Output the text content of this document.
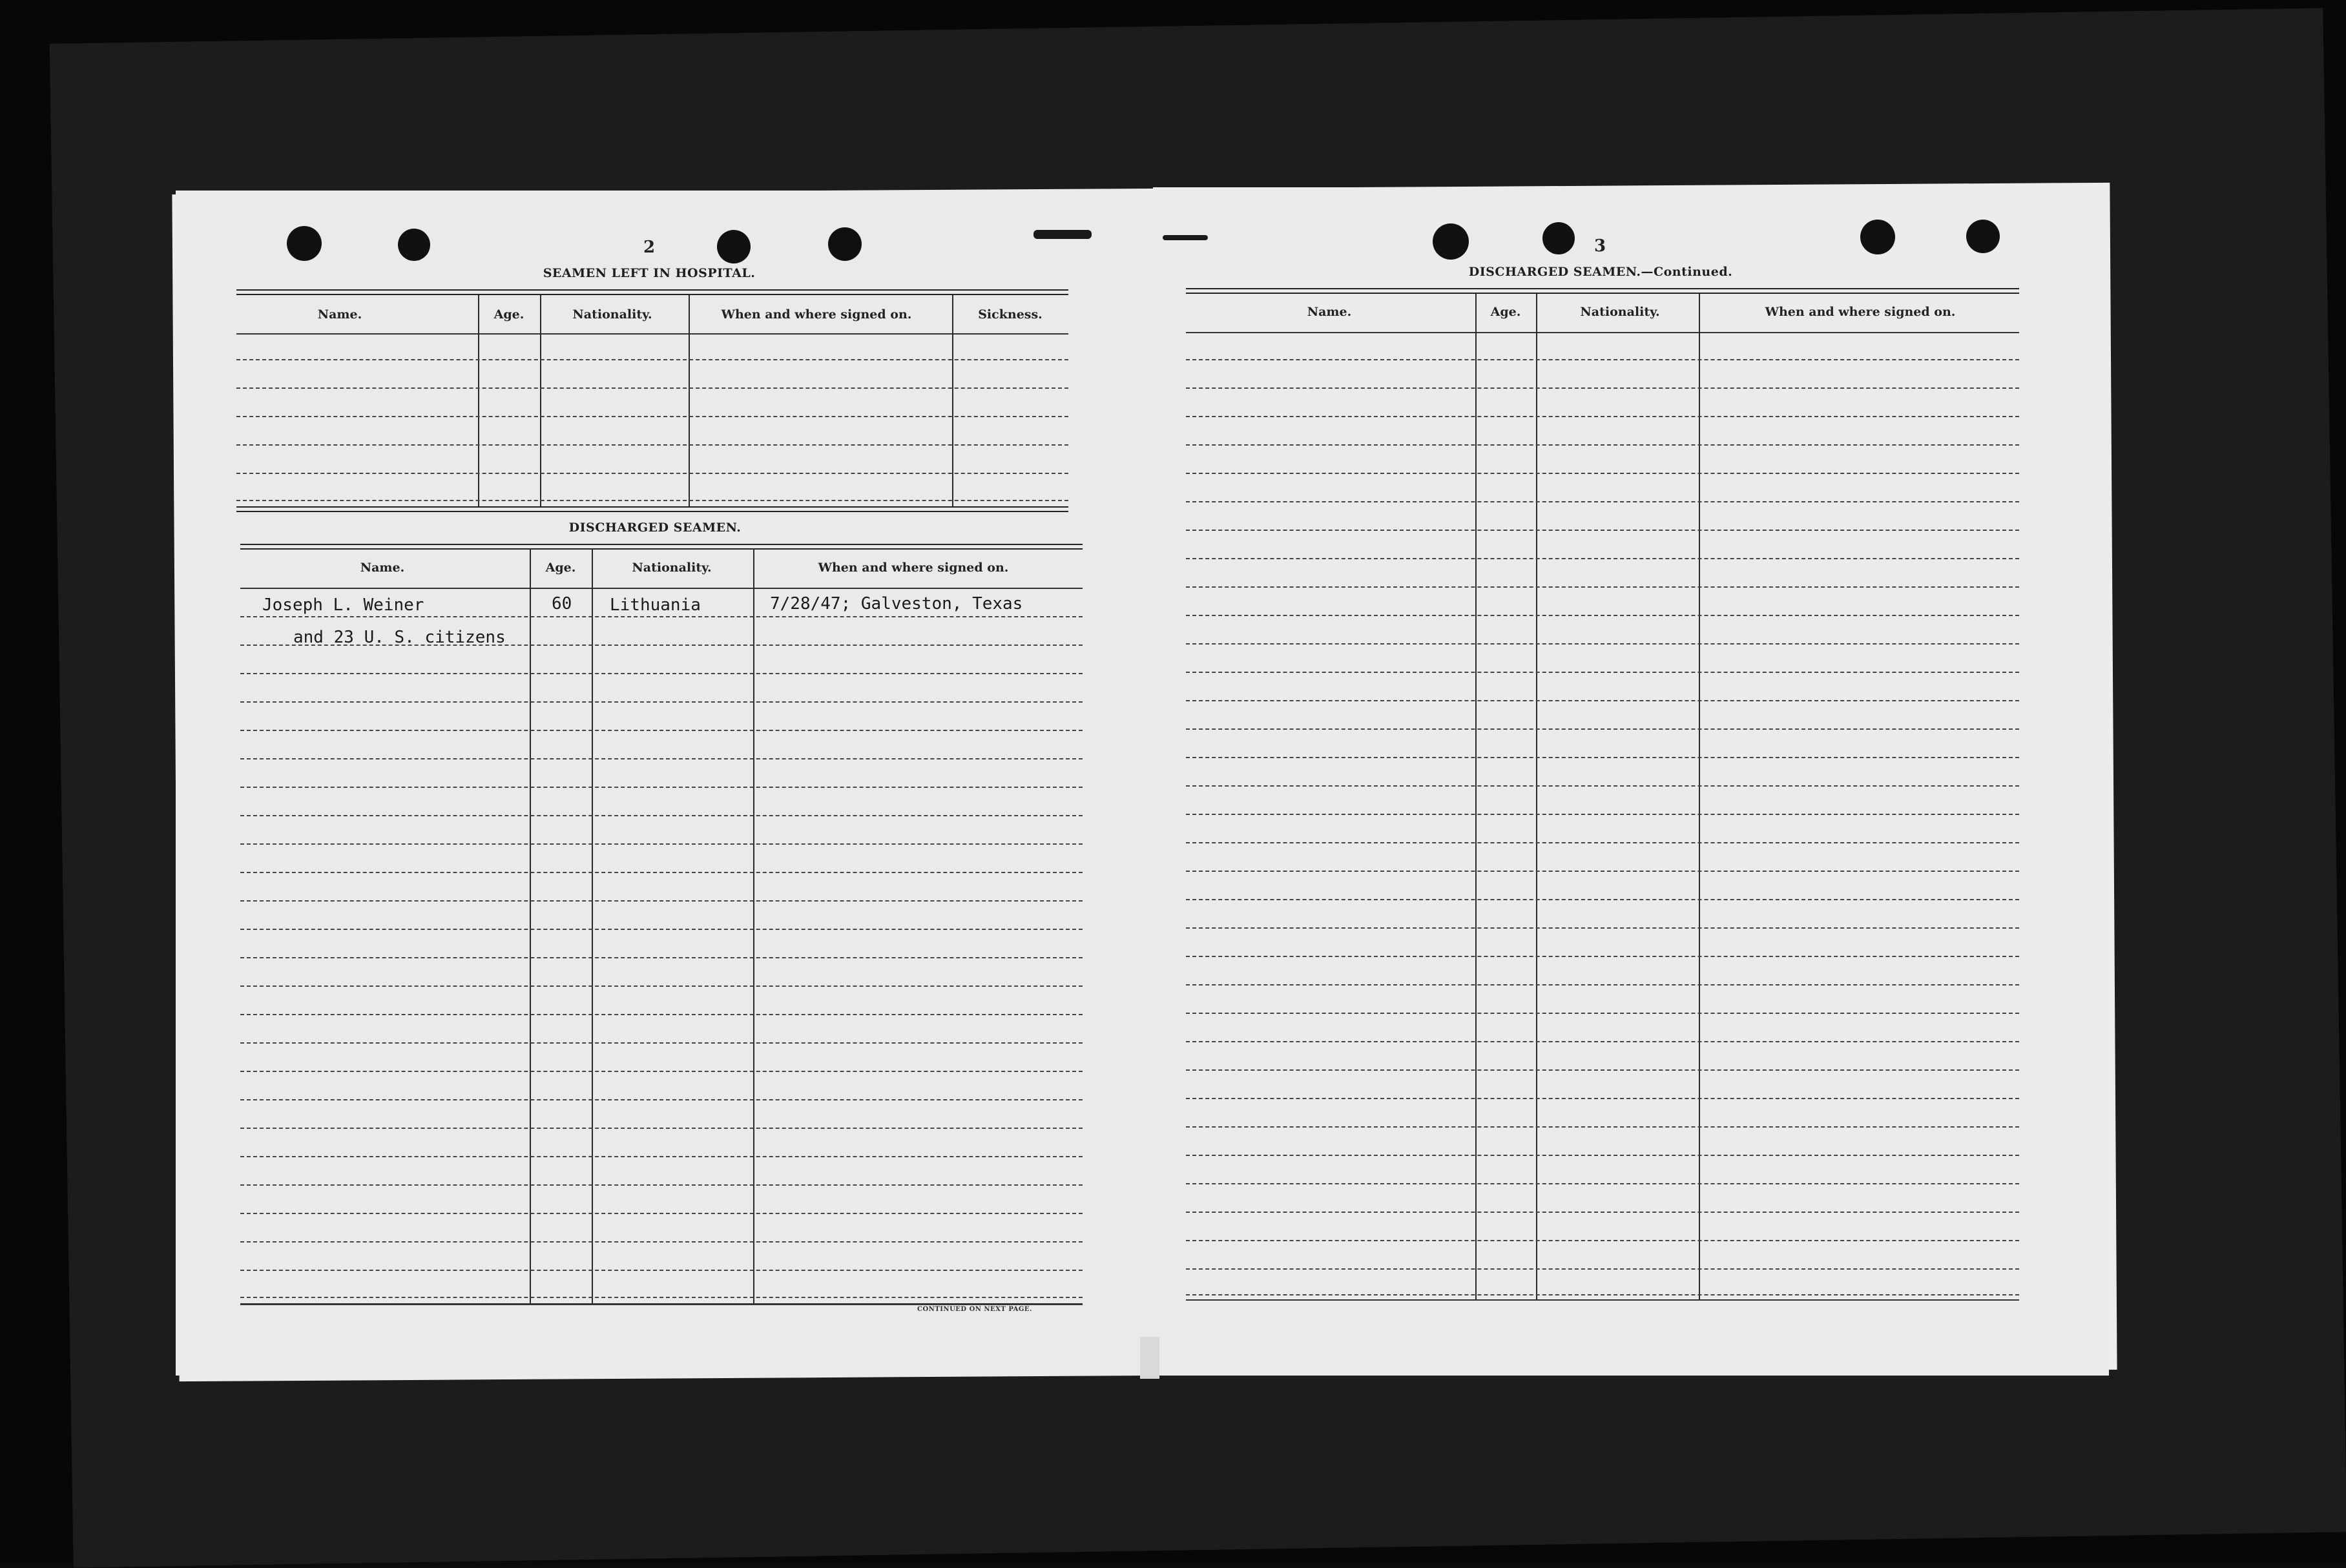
2
SEAMEN LEFT IN HOSPITAL.
Name.	Age.	Nationality.	When and where signed on.	Sickness.
DISCHARGED SEAMEN.
Name.	Age.	Nationality.	When and where signed on.
Joseph L. Weiner	60 Lithuania	7/28/47; Galveston, Texas
and 23 U. S. citizens
CONTINUED ON NEXT PAGE.
3
DISCHARGED SEAMEN.—Continued.
Name.	Age.	Nationality.	When and where signed on.
